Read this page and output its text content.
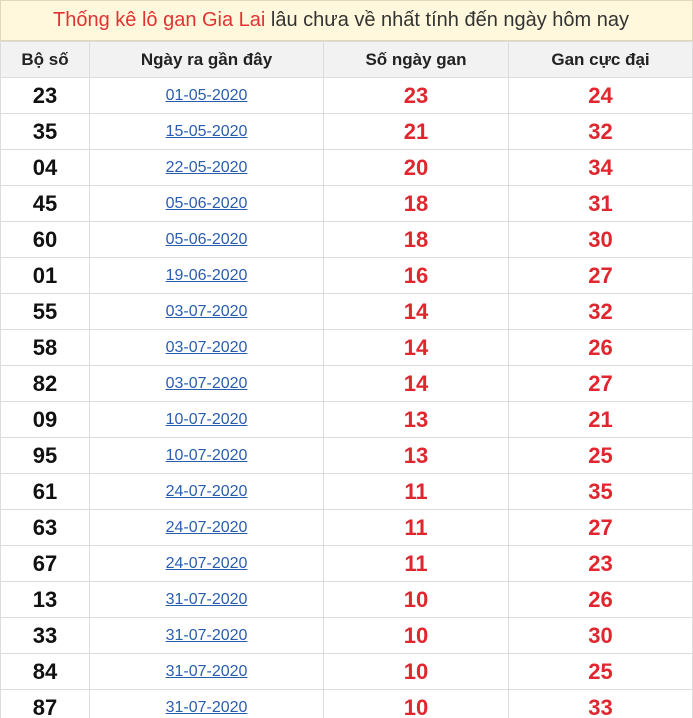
Thống kê lô gan Gia Lai lâu chưa về nhất tính đến ngày hôm nay
Bộ số	Ngày ra gần đây	Số ngày gan	Gan cực đại
23	01-05-2020	23	24
35	15-05-2020	21	32
04	22-05-2020	20	34
45	05-06-2020	18	31
60	05-06-2020	18	30
01	19-06-2020	16	27
55	03-07-2020	14	32
58	03-07-2020	14	26
82	03-07-2020	14	27
09	10-07-2020	13	21
95	10-07-2020	13	25
61	24-07-2020	11	35
63	24-07-2020	11	27
67	24-07-2020	11	23
13	31-07-2020	10	26
33	31-07-2020	10	30
84	31-07-2020	10	25
87	31-07-2020	10	33
